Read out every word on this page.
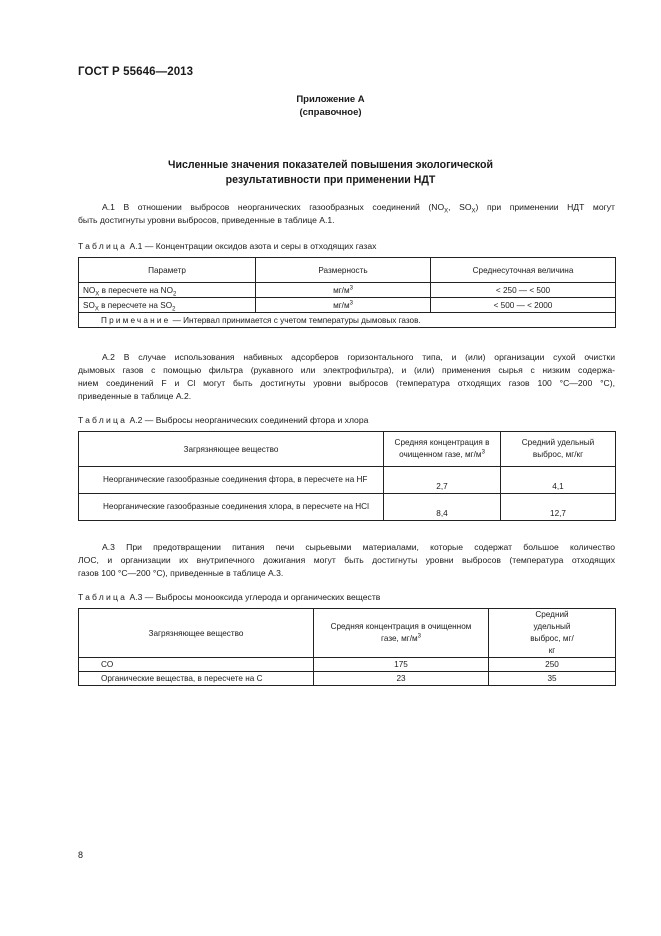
ГОСТ Р 55646—2013
Приложение А
(справочное)
Численные значения показателей повышения экологической
результативности при применении НДТ
А.1 В отношении выбросов неорганических газообразных соединений ($NO_X$, $SO_X$) при применении НДТ могут
быть достигнуты уровни выбросов, приведенные в таблице А.1.
Таблица А.1 — Концентрации оксидов азота и серы в отходящих газах
Параметр	Размерность	Среднесуточная величина
$NO_X$ в пересчете на $NO_2$	$мг/м^3$	< 250 — < 500
$SO_X$ в пересчете на $SO_2$	$мг/м^3$	< 500 — < 2000
Примечание — Интервал принимается с учетом температуры дымовых газов.		
А.2 В случае использования набивных адсорберов горизонтального типа, и (или) организации сухой очистки
дымовых газов с помощью фильтра (рукавного или электрофильтра), и (или) применения сырья с низким содержа-
нием соединений F и Cl могут быть достигнуты уровни выбросов (температура отходящих газов 100 °С—200 °С),
приведенные в таблице А.2.
Таблица А.2 — Выбросы неорганических соединений фтора и хлора
Загрязняющее вещество	Средняя концентрация в очищенном газе, $мг/м^3$	Средний удельный выброс, мг/кг
Неорганические газообразные соединения фтора, в пересчете на HF	2,7	4,1
Неорганические газообразные соединения хлора, в пересчете на HCl	8,4	12,7
А.3 При предотвращении питания печи сырьевыми материалами, которые содержат большое количество
ЛОС, и организации их внутрипечного дожигания могут быть достигнуты уровни выбросов (температура отходящих
газов 100 °С—200 °С), приведенные в таблице А.3.
Таблица А.3 — Выбросы монооксида углерода и органических веществ
Загрязняющее вещество	Средняя концентрация в очищенном газе, $мг/м^3$	Средний удельный выброс, мг/кг
CO	175	250
Органические вещества, в пересчете на С	23	35
8
